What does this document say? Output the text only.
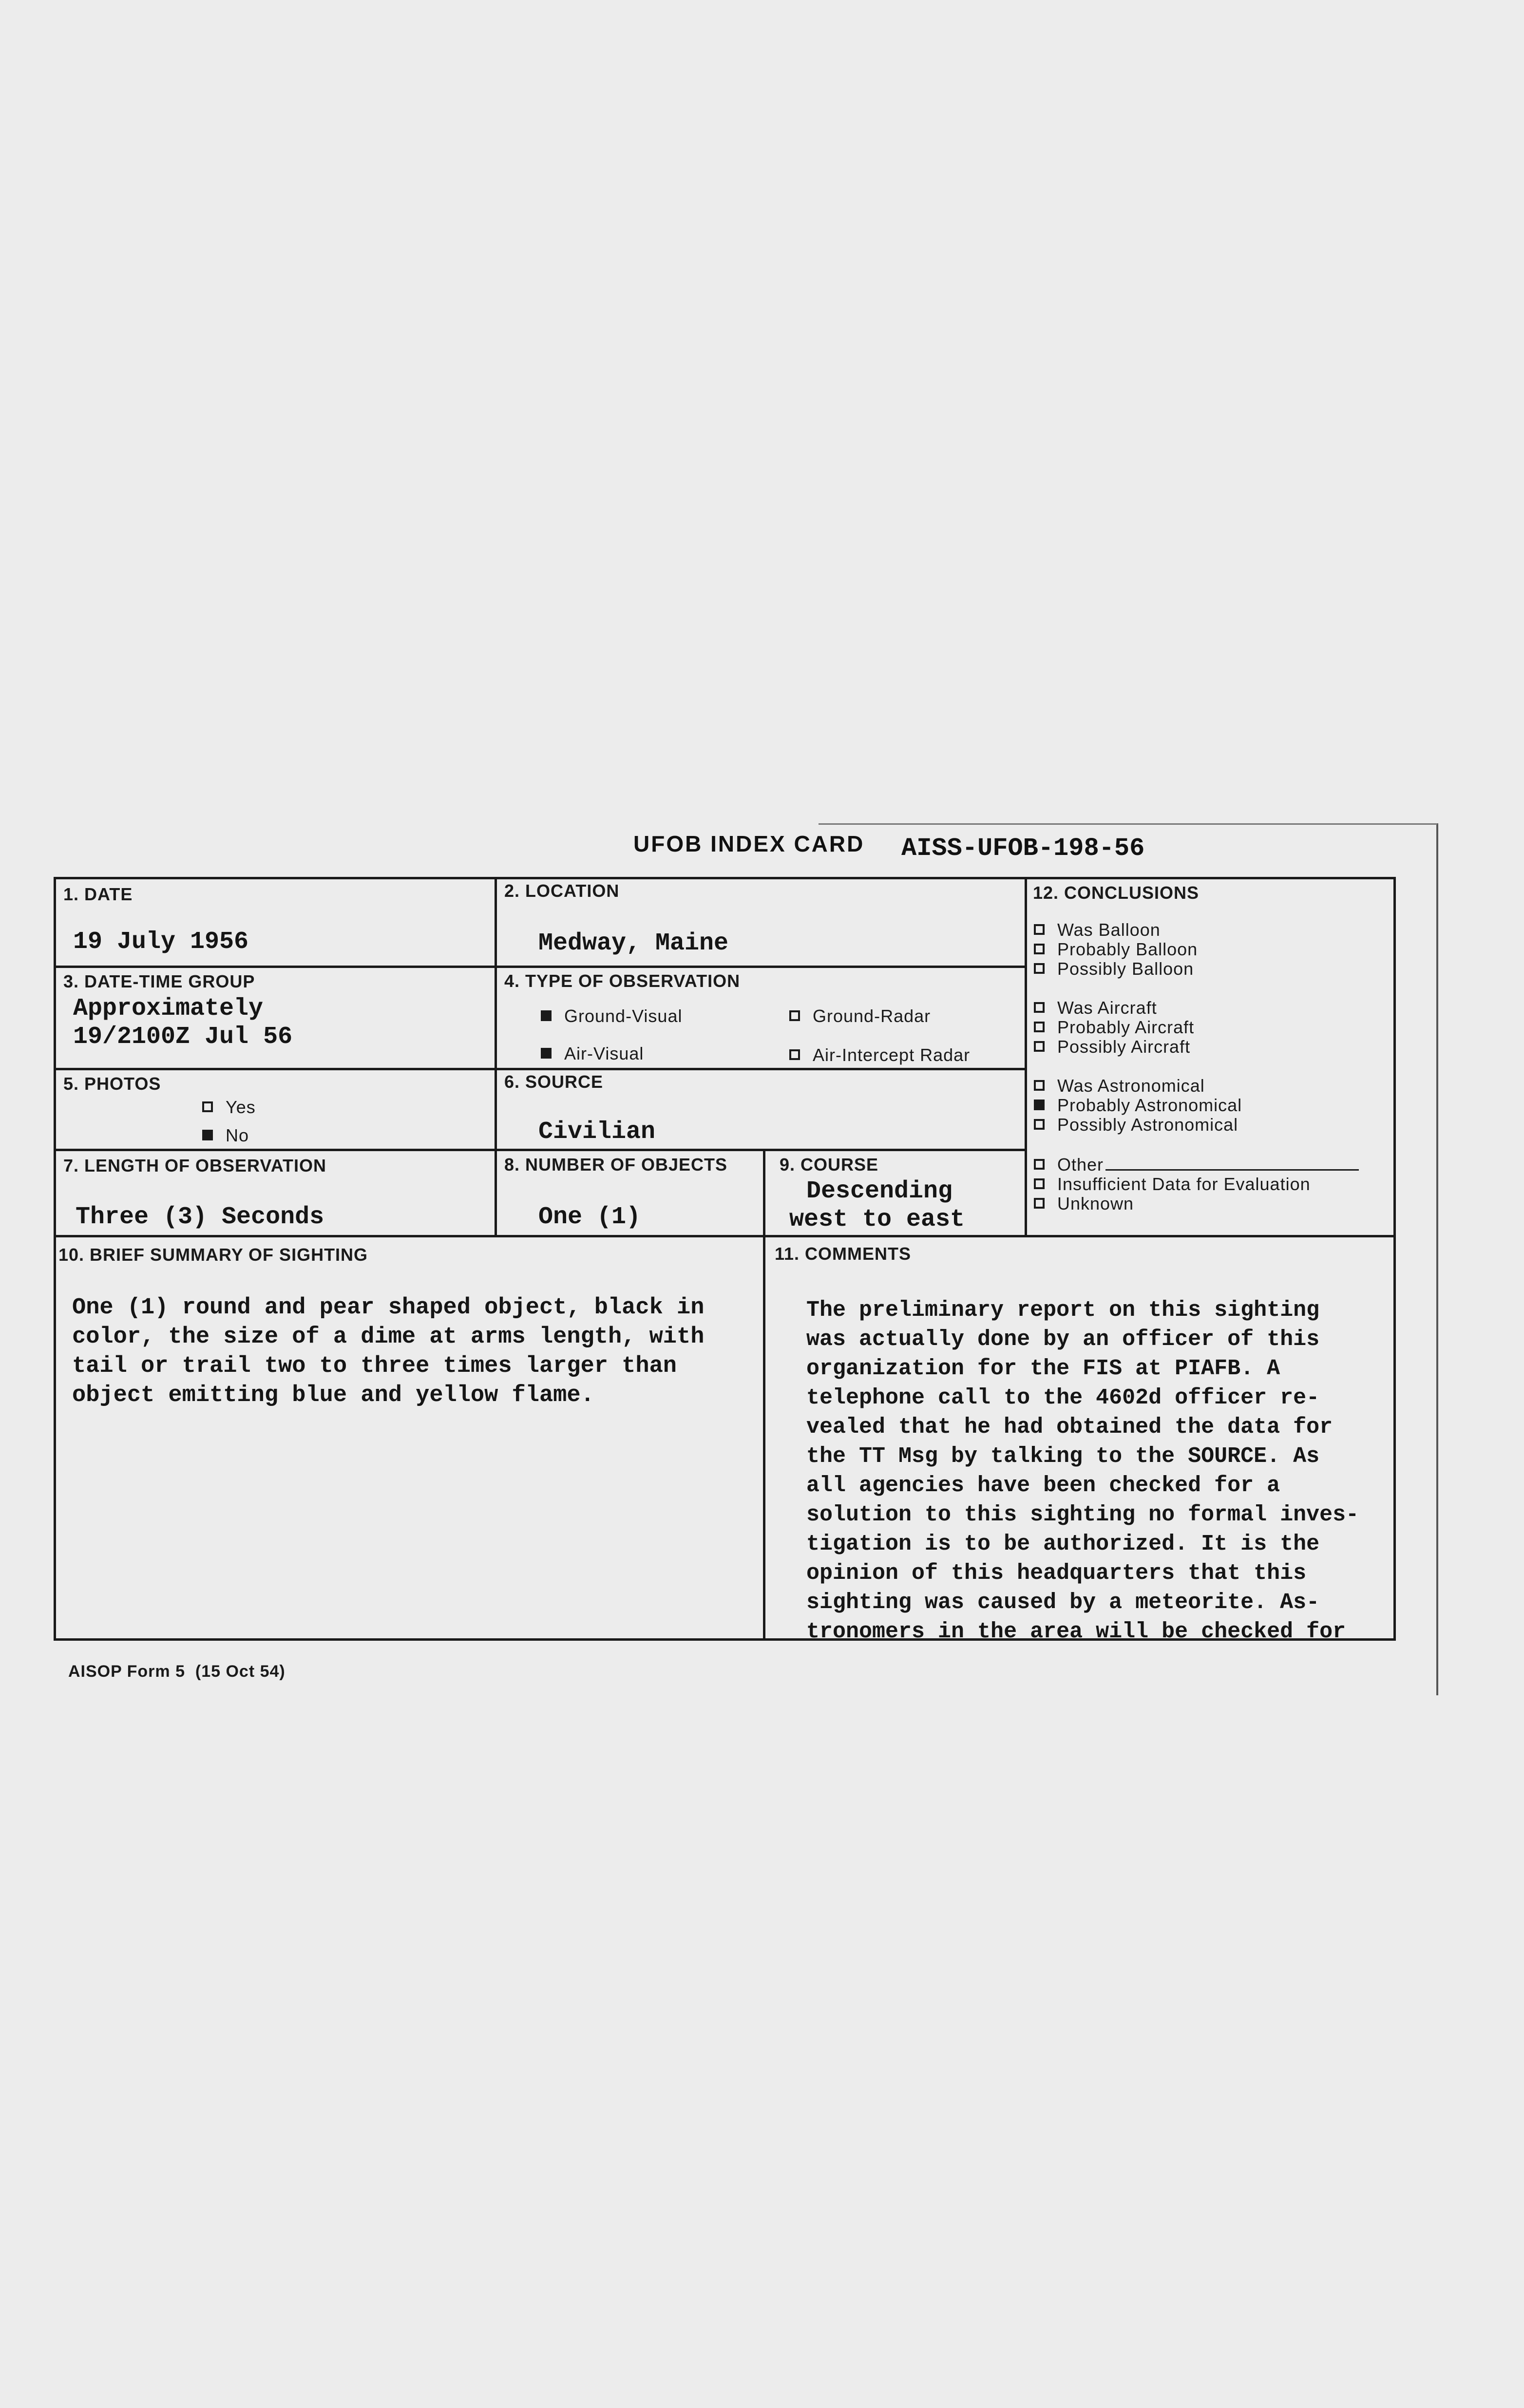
UFOB INDEX CARD AISS-UFOB-198-56
1. DATE
19 July 1956
2. LOCATION
Medway, Maine
3. DATE-TIME GROUP
Approximately
19/2100Z Jul 56
4. TYPE OF OBSERVATION
Ground-Visual	Ground-Radar
Air-Visual	Air-Intercept Radar
5. PHOTOS
Yes
No
6. SOURCE
Civilian
7. LENGTH OF OBSERVATION
Three (3) Seconds
8. NUMBER OF OBJECTS
One (1)
9. COURSE
Descending
west to east
10. BRIEF SUMMARY OF SIGHTING
One (1) round and pear shaped object, black in
color, the size of a dime at arms length, with
tail or trail two to three times larger than
object emitting blue and yellow flame.
11. COMMENTS
The preliminary report on this sighting
was actually done by an officer of this
organization for the FIS at PIAFB. A
telephone call to the 4602d officer re-
vealed that he had obtained the data for
the TT Msg by talking to the SOURCE. As
all agencies have been checked for a
solution to this sighting no formal inves-
tigation is to be authorized. It is the
opinion of this headquarters that this
sighting was caused by a meteorite. As-
tronomers in the area will be checked for
12. CONCLUSIONS
Was Balloon
Probably Balloon
Possibly Balloon
Was Aircraft
Probably Aircraft
Possibly Aircraft
Was Astronomical
Probably Astronomical
Possibly Astronomical
Other
Insufficient Data for Evaluation
Unknown
AISOP Form 5  (15 Oct 54)
